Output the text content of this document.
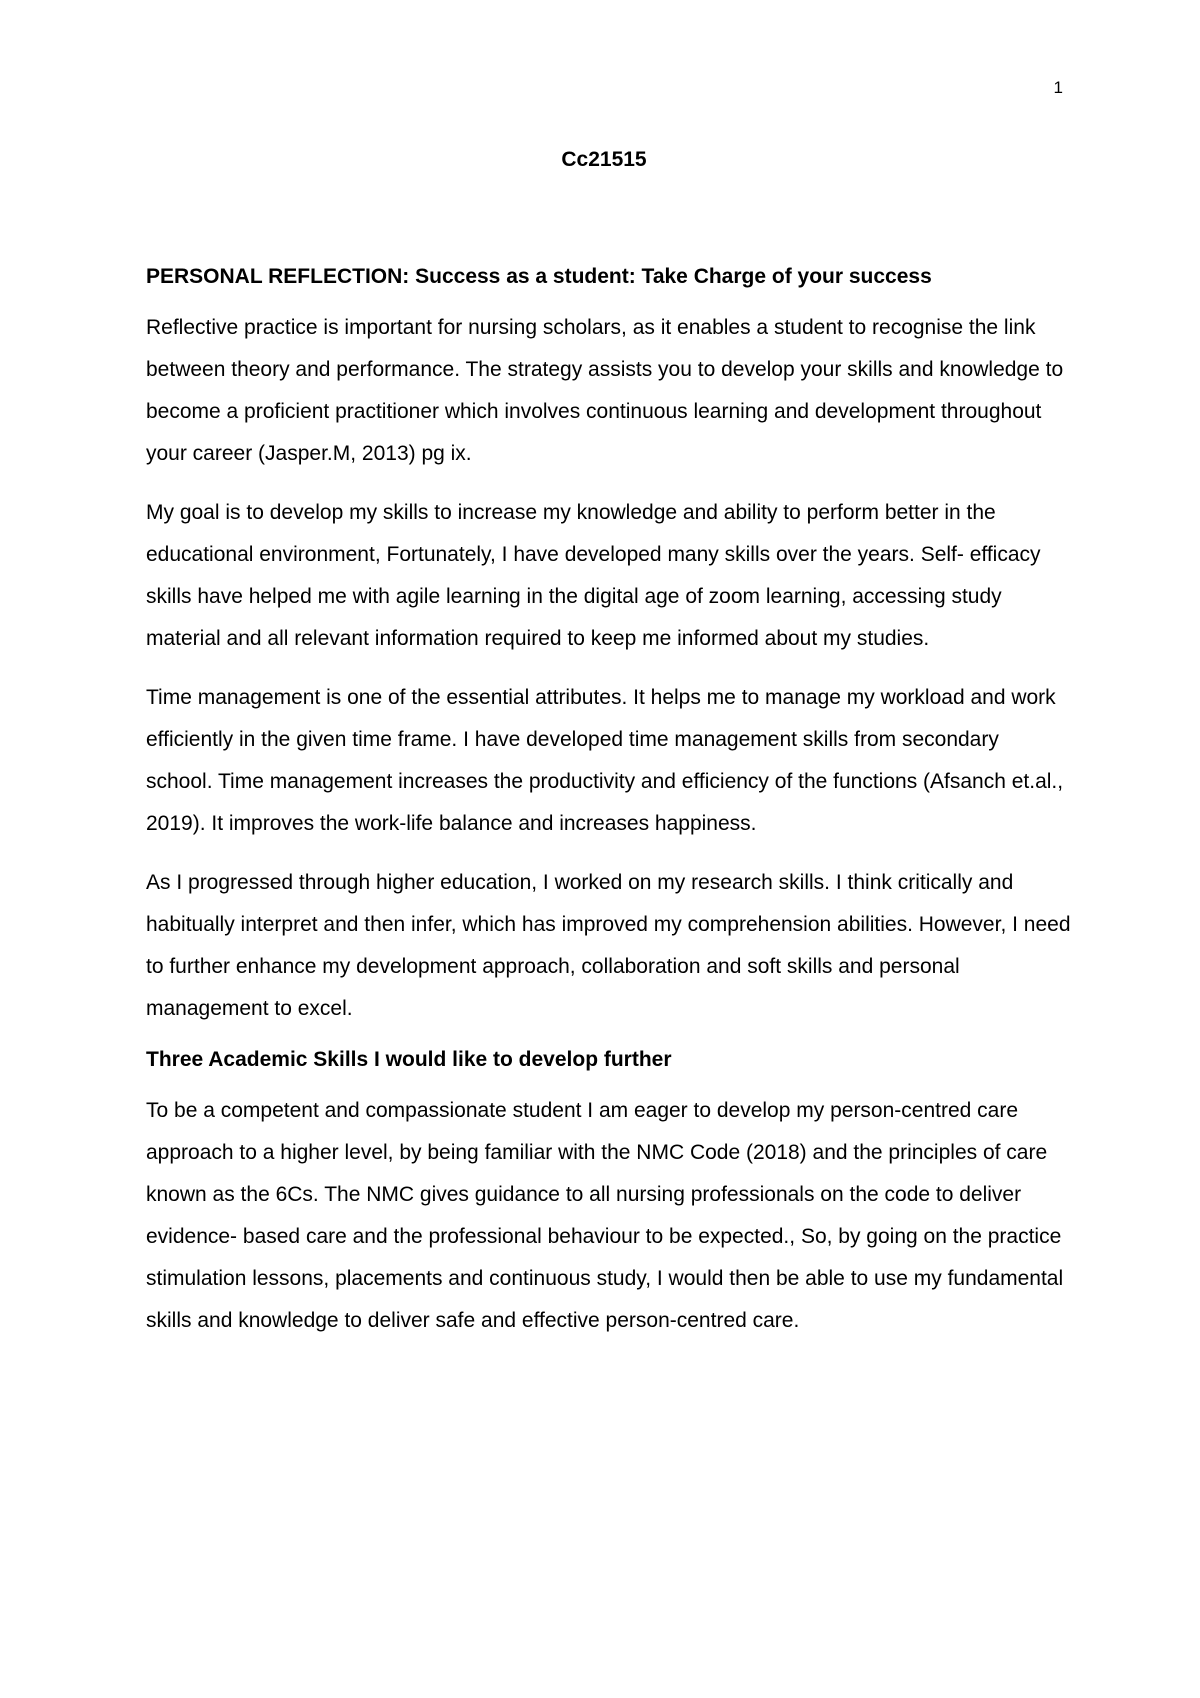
1
Cc21515
PERSONAL REFLECTION: Success as a student: Take Charge of your success

Reflective practice is important for nursing scholars, as it enables a student to recognise the link between theory and performance. The strategy assists you to develop your skills and knowledge to become a proficient practitioner which involves continuous learning and development throughout your career (Jasper.M, 2013) pg ix.

My goal is to develop my skills to increase my knowledge and ability to perform better in the educational environment, Fortunately, I have developed many skills over the years. Self- efficacy skills have helped me with agile learning in the digital age of zoom learning, accessing study material and all relevant information required to keep me informed about my studies.

Time management is one of the essential attributes. It helps me to manage my workload and work efficiently in the given time frame. I have developed time management skills from secondary school. Time management increases the productivity and efficiency of the functions (Afsanch et.al., 2019). It improves the work-life balance and increases happiness.

As I progressed through higher education, I worked on my research skills. I think critically and habitually interpret and then infer, which has improved my comprehension abilities. However, I need to further enhance my development approach, collaboration and soft skills and personal management to excel.

Three Academic Skills I would like to develop further

To be a competent and compassionate student I am eager to develop my person-centred care approach to a higher level, by being familiar with the NMC Code (2018) and the principles of care known as the 6Cs. The NMC gives guidance to all nursing professionals on the code to deliver evidence- based care and the professional behaviour to be expected., So, by going on the practice stimulation lessons, placements and continuous study, I would then be able to use my fundamental skills and knowledge to deliver safe and effective person-centred care.
